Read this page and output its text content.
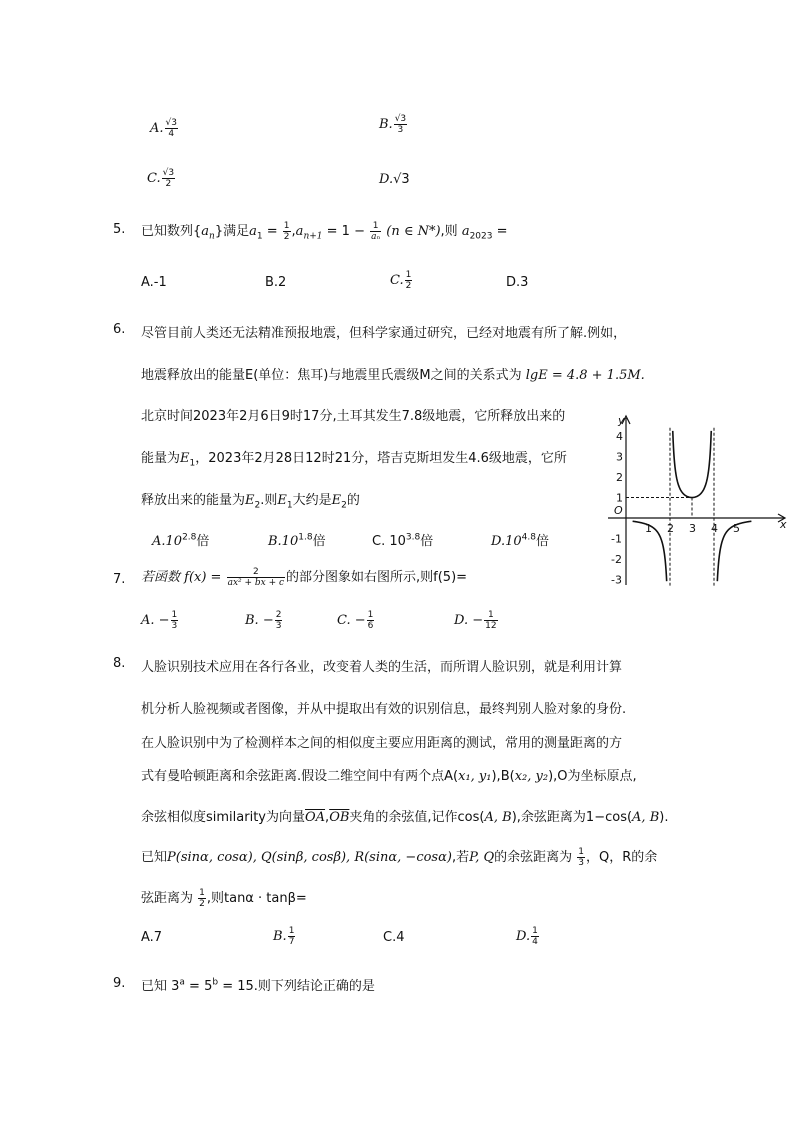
A. $\frac{√3}{4}$	B. $\frac{√3}{3}$
C. $\frac{√3}{2}$	D.√3
5. 已知数列$\{a_n\}$满足$a_1 = \frac{1}{2} ,a_{n+1} = 1 - \frac{1}{\text{aₙ}} (n$ ∈ N*),则 $a_{2023}$ =
A.-1	B.2	C. $\frac{1}{2}$	D.3
6. 尽管目前人类还无法精准预报地震，但科学家通过研究，已经对地震有所了解.例如，
地震释放出的能量E(单位：焦耳)与地震里氏震级M之间的关系式为 lgE = 4.8 + 1.5M.
北京时间2023年2月6日9时17分,土耳其发生7.8级地震，它所释放出来的
能量为$E_1$，2023年2月28日12时21分，塔吉克斯坦发生4.6级地震，它所
释放出来的能量为$E_2$.则$E_1$大约是$E_2$的
$A.10^{2.8}$倍	$B.10^{1.8}$倍	C. $10^{3.8}$倍	$D.10^{4.8}$倍
y
x
O
1 2 3 4 5
4
3
2
1
-1
-2
-3
7. 若函数 $f(x) = \frac{2}{\text{ax² + bx + c}}$ 的部分图象如右图所示,则f(5)=
A. − $\frac{1}{3}$	B. − $\frac{2}{3}$	C. − $\frac{1}{6}$	D. − $\frac{1}{12}$
8. 人脸识别技术应用在各行各业，改变着人类的生活，而所谓人脸识别，就是利用计算
机分析人脸视频或者图像，并从中提取出有效的识别信息，最终判别人脸对象的身份.
在人脸识别中为了检测样本之间的相似度主要应用距离的测试，常用的测量距离的方
式有曼哈顿距离和余弦距离.假设二维空间中有两个点A(x₁, y₁),B(x₂, y₂),O为坐标原点,
余弦相似度similarity为向量$\overline{OA},\overline{OB}$夹角的余弦值,记作cos(A, B),余弦距离为1−cos(A, B).
已知P(sinα, cosα), Q(sinβ, cosβ), R(sinα, −cosα),若P, Q的余弦距离为 $\frac{1}{3}$ ，Q，R的余
弦距离为 $\frac{1}{2}$ ,则tanα · tanβ=
A.7	B. $\frac{1}{7}$	C.4	D. $\frac{1}{4}$
9. 已知 $3^a = 5^b = 15$.则下列结论正确的是
